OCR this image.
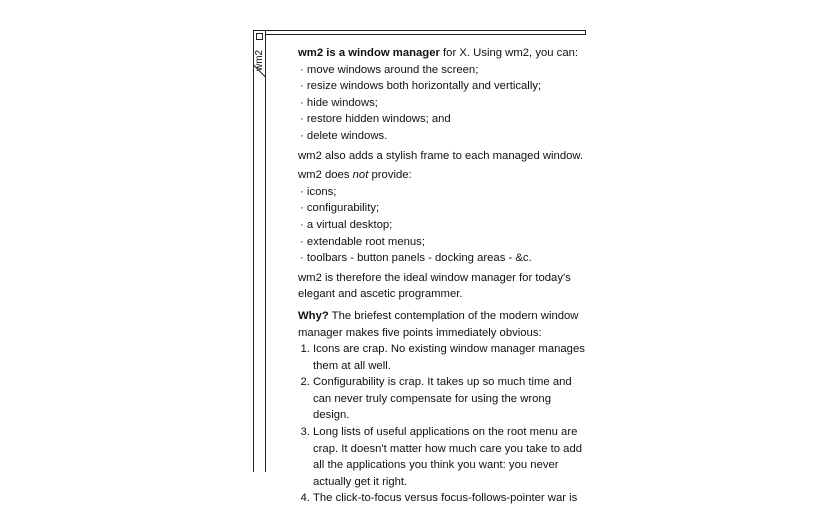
wm2	wm2 is a window manager for X. Using wm2, you can:

· move windows around the screen;
· resize windows both horizontally and vertically;
· hide windows;
· restore hidden windows; and
· delete windows.

wm2 also adds a stylish frame to each managed window.

wm2 does not provide:

· icons;
· configurability;
· a virtual desktop;
· extendable root menus;
· toolbars - button panels - docking areas - &c.

wm2 is therefore the ideal window manager for today's elegant and ascetic programmer.

Why? The briefest contemplation of the modern window manager makes five points immediately obvious:

1. Icons are crap. No existing window manager manages them at all well.
2. Configurability is crap. It takes up so much time and can never truly compensate for using the wrong design.
3. Long lists of useful applications on the root menu are crap. It doesn't matter how much care you take to add all the applications you think you want: you never actually get it right.
4. The click-to-focus versus focus-follows-pointer war is
